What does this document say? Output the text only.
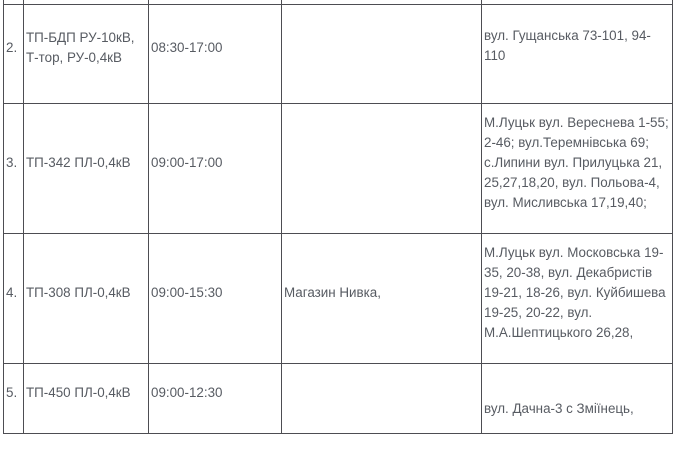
2.	ТП-БДП РУ-10кВ, Т-тор, РУ-0,4кВ	08:30-17:00		вул. Гущанська 73-101, 94-110
3.	ТП-342 ПЛ-0,4кВ	09:00-17:00		М.Луцьк вул. Вереснева 1-55; 2-46; вул.Теремнівська 69; с.Липини вул. Прилуцька 21, 25,27,18,20, вул. Польова-4, вул. Мисливська 17,19,40;
4.	ТП-308 ПЛ-0,4кВ	09:00-15:30	Магазин Нивка,	М.Луцьк вул. Московська 19-35, 20-38, вул. Декабристів 19-21, 18-26, вул. Куйбишева 19-25, 20-22, вул. М.А.Шептицького 26,28,
5.	ТП-450 ПЛ-0,4кВ	09:00-12:30		вул. Дачна-3 с Зміїнець,
